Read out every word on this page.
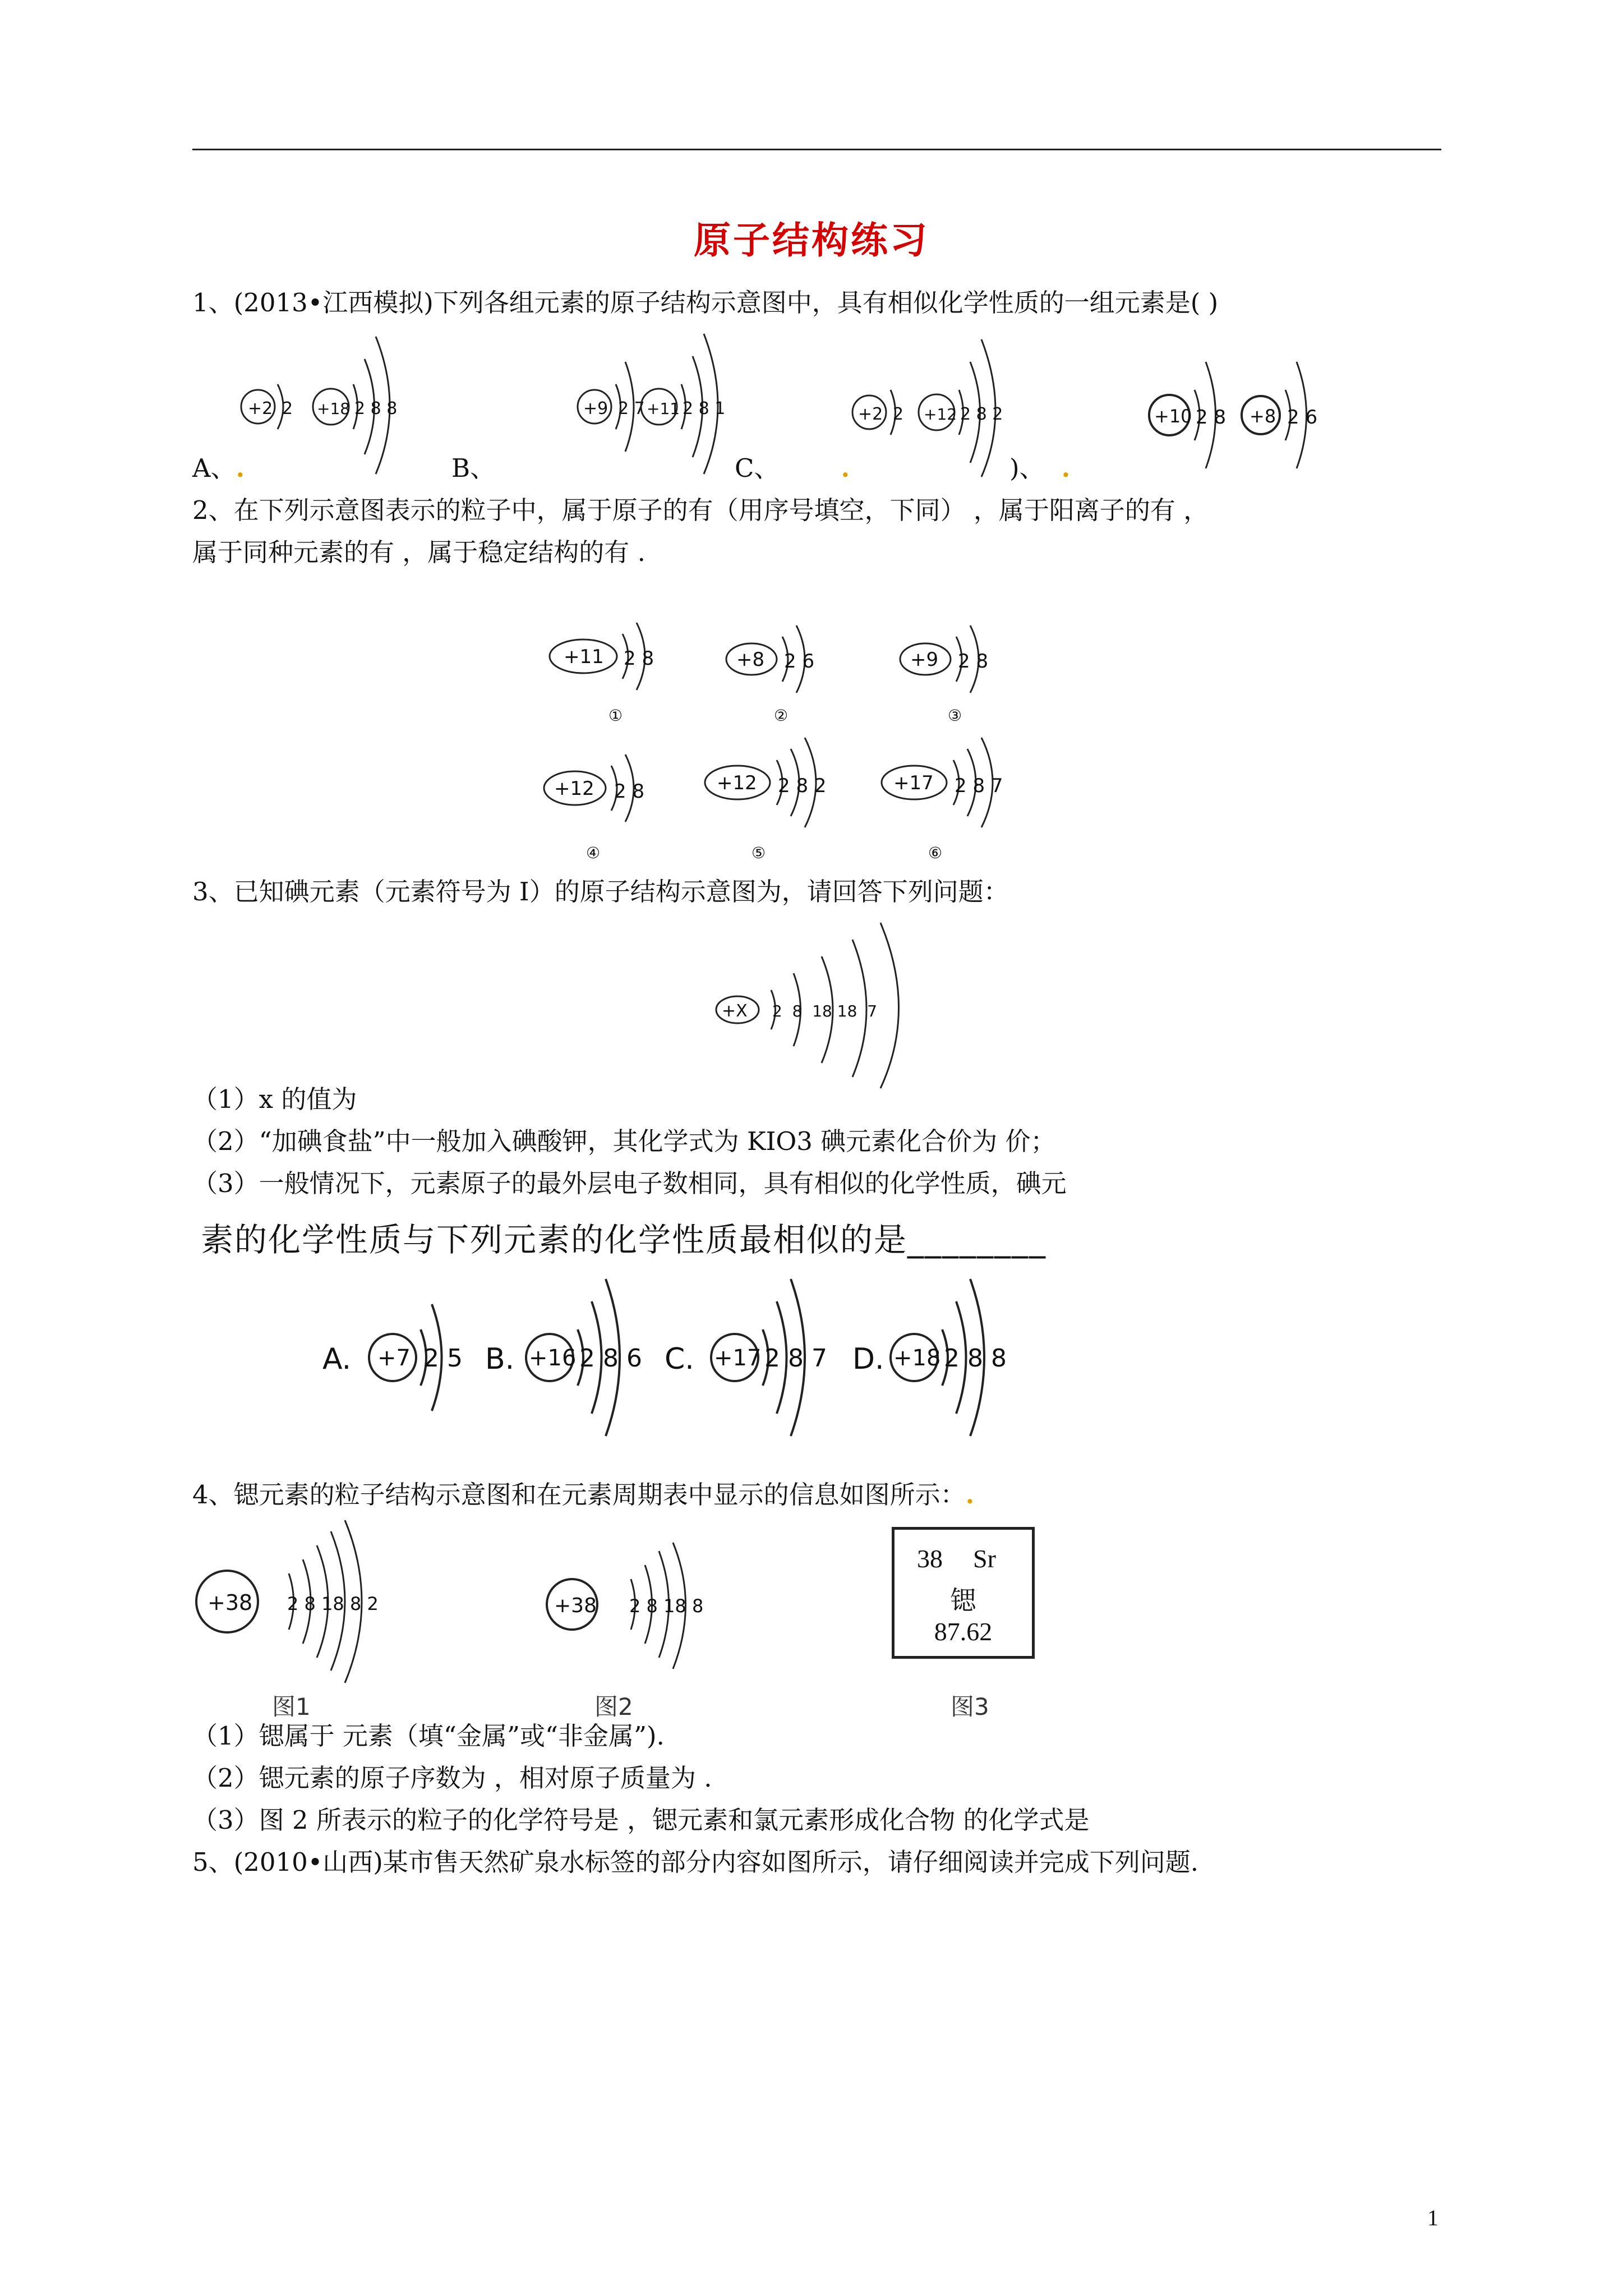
原子结构练习
1、(2013•江西模拟)下列各组元素的原子结构示意图中，具有相似化学性质的一组元素是( )
+2 2 +18 2 8 8	+9 2 7 +11 2 8 1	+2 2 +12 2 8 2	+10 2 8 +8 2 6
A、.	B、	C、 .	)、 .
2、在下列示意图表示的粒子中，属于原子的有（用序号填空，下同） ，属于阳离子的有 ，
属于同种元素的有 ，属于稳定结构的有 .
+11 2 8
①
+8 2 6
②
+9 2 8
③
+12 2 8
④
+12 2 8 2
⑤
+17 2 8 7
⑥
3、已知碘元素（元素符号为 I）的原子结构示意图为，请回答下列问题：
+X 2  8  18 18  7
（1）x 的值为
（2）“加碘食盐”中一般加入碘酸钾，其化学式为 KIO3 碘元素化合价为 价；
（3）一般情况下，元素原子的最外层电子数相同，具有相似的化学性质，碘元
素的化学性质与下列元素的化学性质最相似的是________
A. +7 2 5 B. +16 2 8 6 C. +17 2 8 7 D. +18 2 8 8
4、锶元素的粒子结构示意图和在元素周期表中显示的信息如图所示：.
+38 2 8 18 8 2
图1
+38 2 8 18 8
图2
38 Sr
锶
87.62
图3
（1）锶属于 元素（填“金属”或“非金属”).
（2）锶元素的原子序数为 ，相对原子质量为 .
（3）图 2 所表示的粒子的化学符号是 ，锶元素和氯元素形成化合物 的化学式是
5、(2010•山西)某市售天然矿泉水标签的部分内容如图所示，请仔细阅读并完成下列问题.
1
